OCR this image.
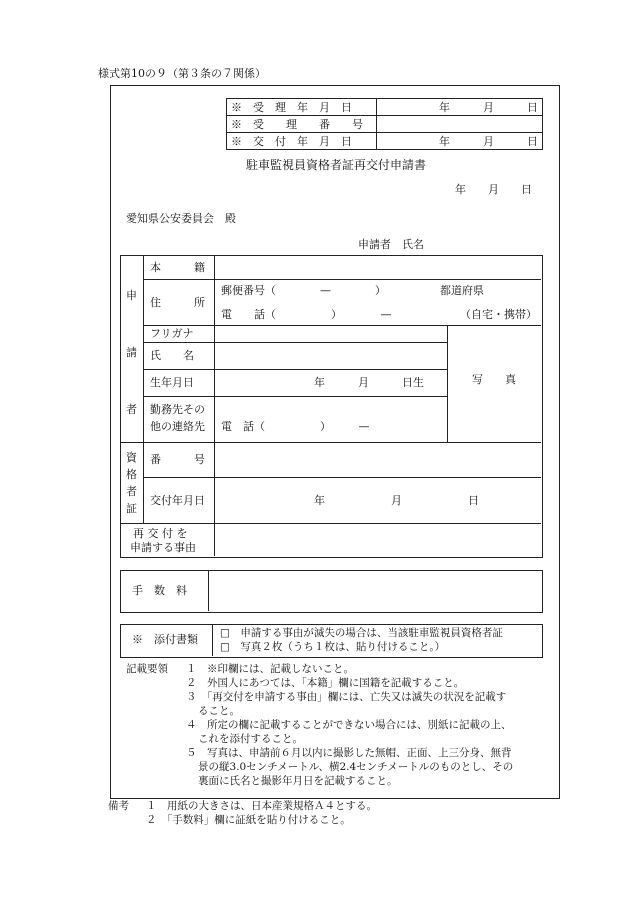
様式第10の９（第３条の７関係）
※　受　理　年　月　日	年　　　月　　　日
※　受　　理　　番　　号	
※　交　付　年　月　日	年　　　月　　　日
駐車監視員資格者証再交付申請書
年　　月　　日
愛知県公安委員会　殿
申請者　氏名
申
請
者
本　　　籍
住　　　所
郵便番号（　　　　—　　　　）	都道府県
電　　話（　　　　　）　　　　—	（自宅・携帯）
フリガナ
氏　　名
生年月日	年　　　月　　　日生
勤務先その
他の連絡先 電　話（　　　　　）　　　—
写　　真
資
格
者
証
番　　　号
交付年月日	年　　　　　　月　　　　　　日
再 交 付 を
申請する事由
手　数　料
※　添付書類 □　申請する事由が滅失の場合は、当該駐車監視員資格者証
□　写真２枚（うち１枚は、貼り付けること。）
記載要領 １　※印欄には、記載しないこと。
２　外国人にあつては、「本籍」欄に国籍を記載すること。
３　「再交付を申請する事由」欄には、亡失又は滅失の状況を記載す
ること。
４　所定の欄に記載することができない場合には、別紙に記載の上、
これを添付すること。
５　写真は、申請前６月以内に撮影した無帽、正面、上三分身、無背
景の縦3.0センチメートル、横2.4センチメートルのものとし、その
裏面に氏名と撮影年月日を記載すること。
備考 １　用紙の大きさは、日本産業規格Ａ４とする。
２　「手数料」欄に証紙を貼り付けること。
